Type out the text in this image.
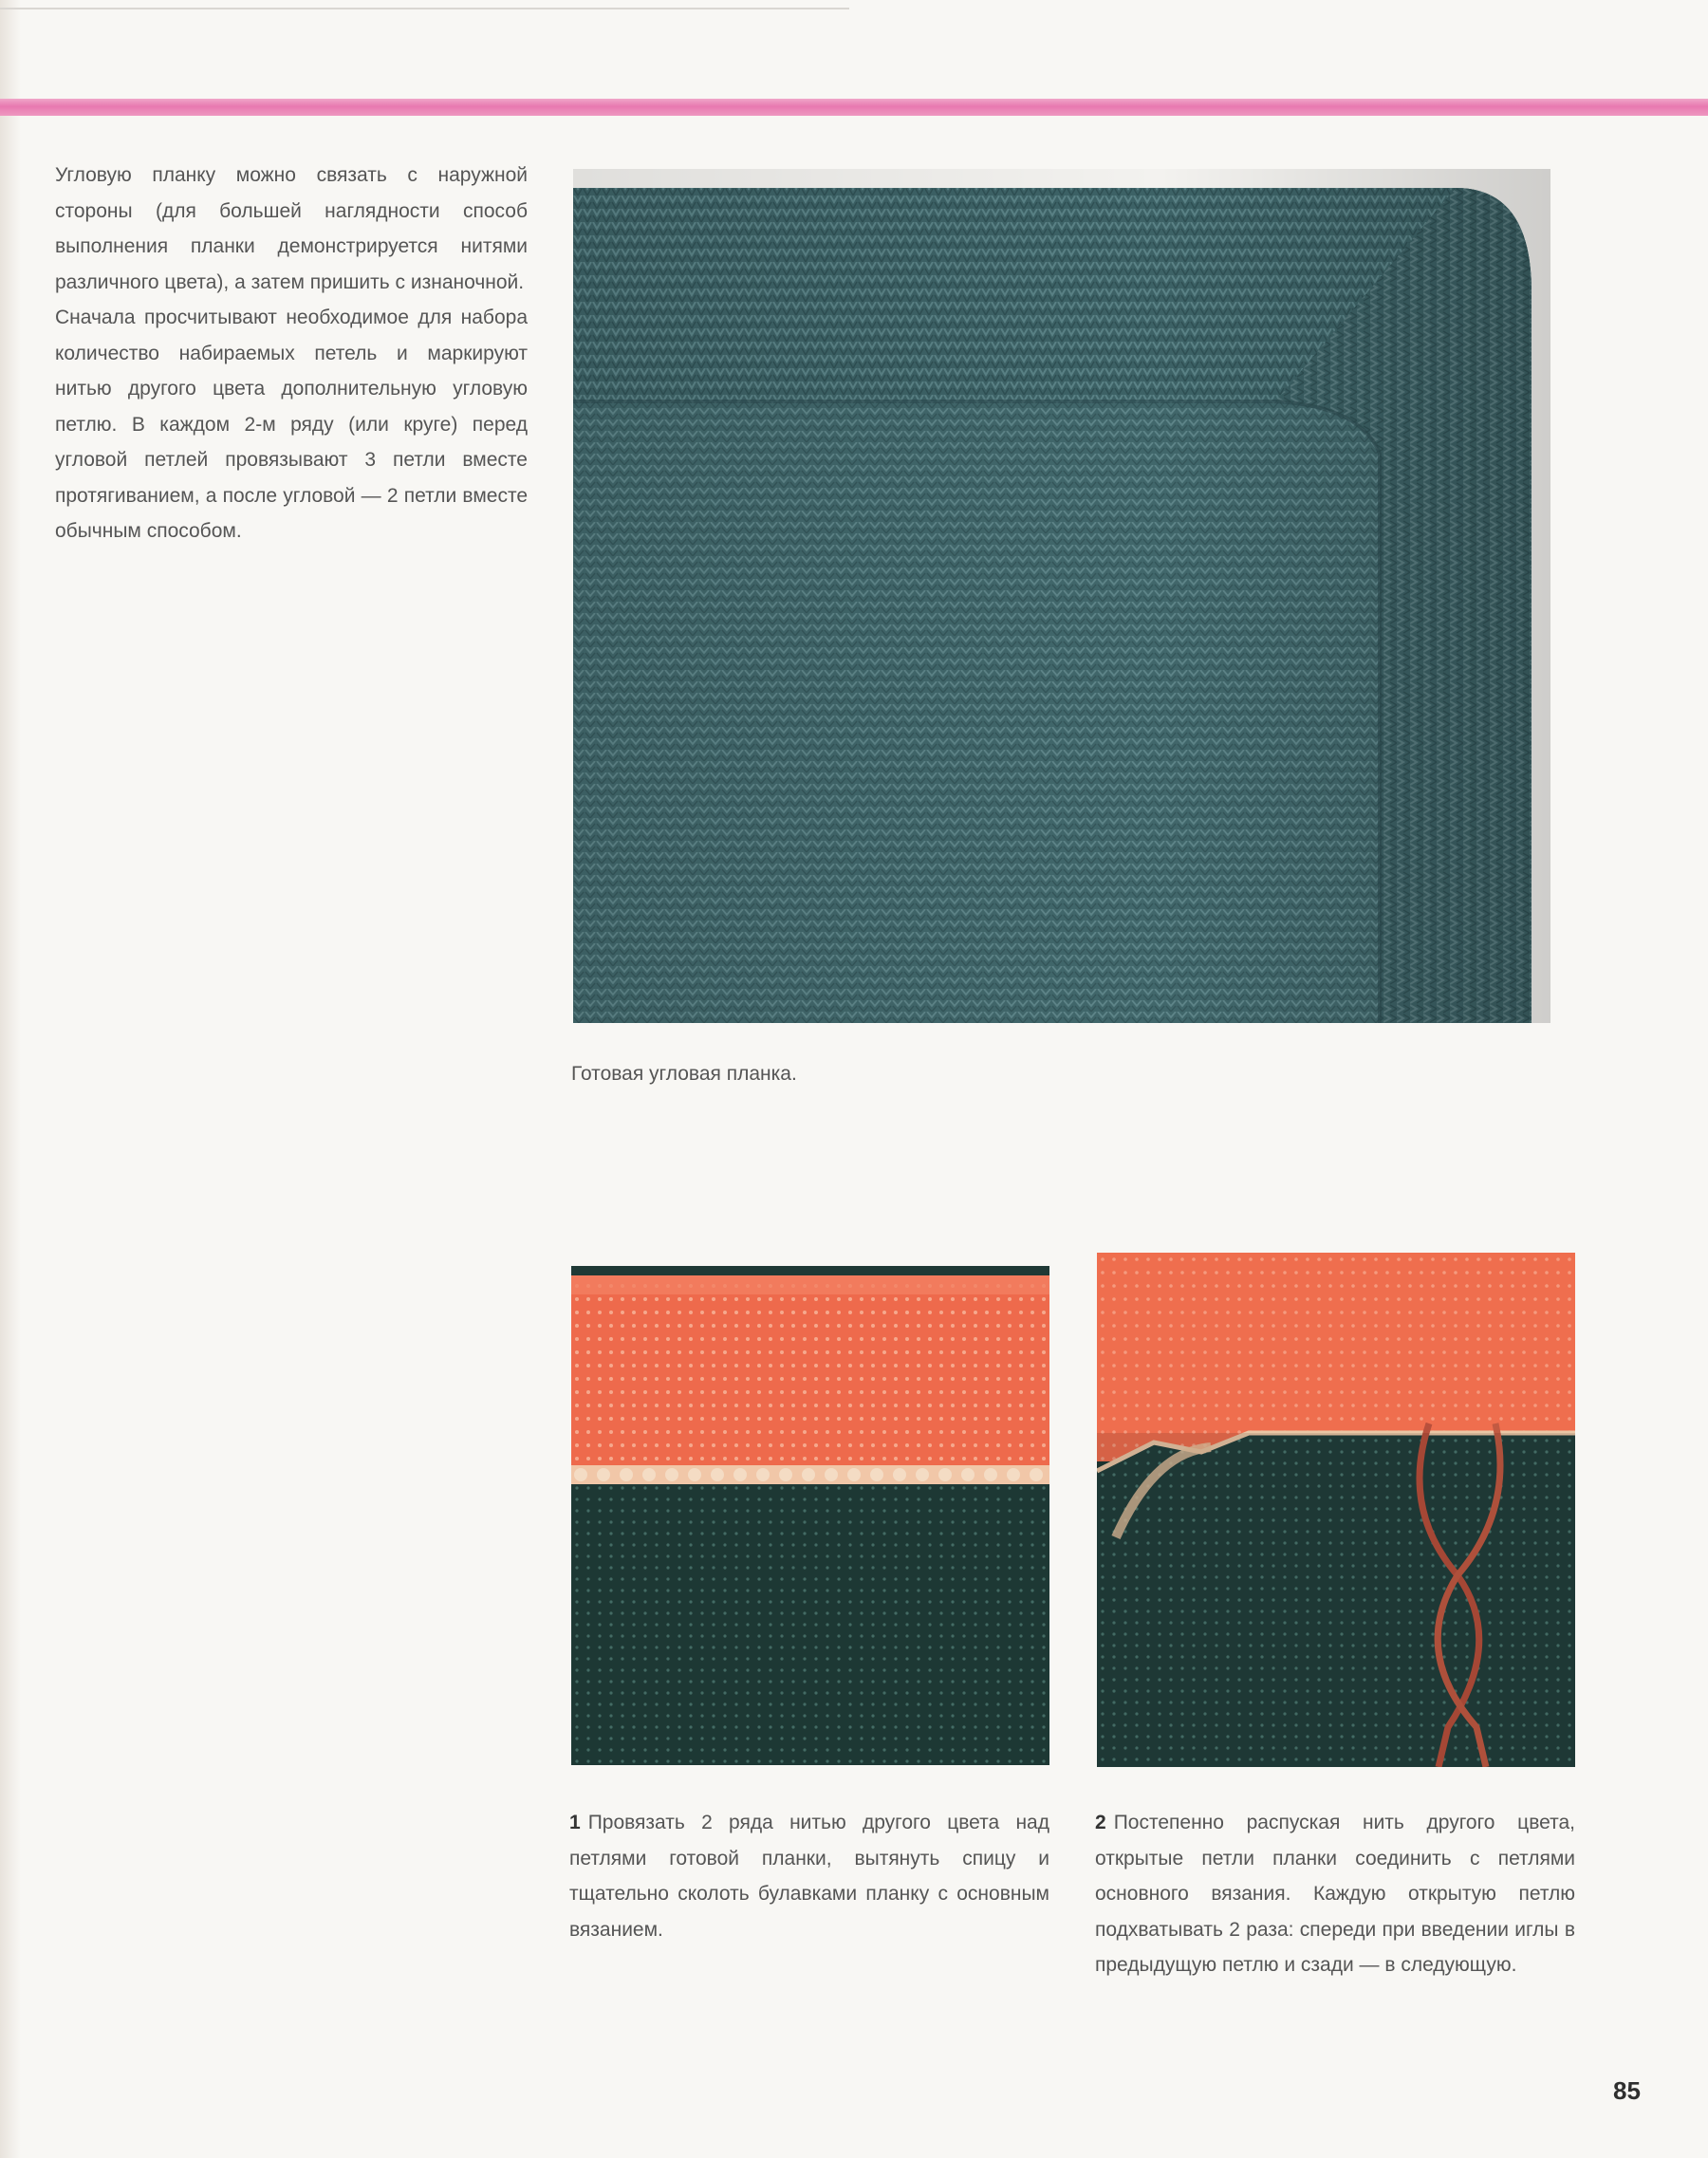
Угловую планку можно связать с наружной стороны (для большей наглядности способ выполнения планки демонстрируется нитями различного цвета), а затем пришить с изнаночной.

Сначала просчитывают необходимое для набора количество набираемых петель и маркируют нитью другого цвета дополнительную угловую петлю. В каждом 2-м ряду (или круге) перед угловой петлей провязывают 3 петли вместе протягиванием, а после угловой — 2 петли вместе обычным способом.

Готовая угловая планка.

1 Провязать 2 ряда нитью другого цвета над петлями готовой планки, вытянуть спицу и тщательно сколоть булавками планку с основным вязанием.

2 Постепенно распуская нить другого цвета, открытые петли планки соединить с петлями основного вязания. Каждую открытую петлю подхватывать 2 раза: спереди при введении иглы в предыдущую петлю и сзади — в следующую.

85
